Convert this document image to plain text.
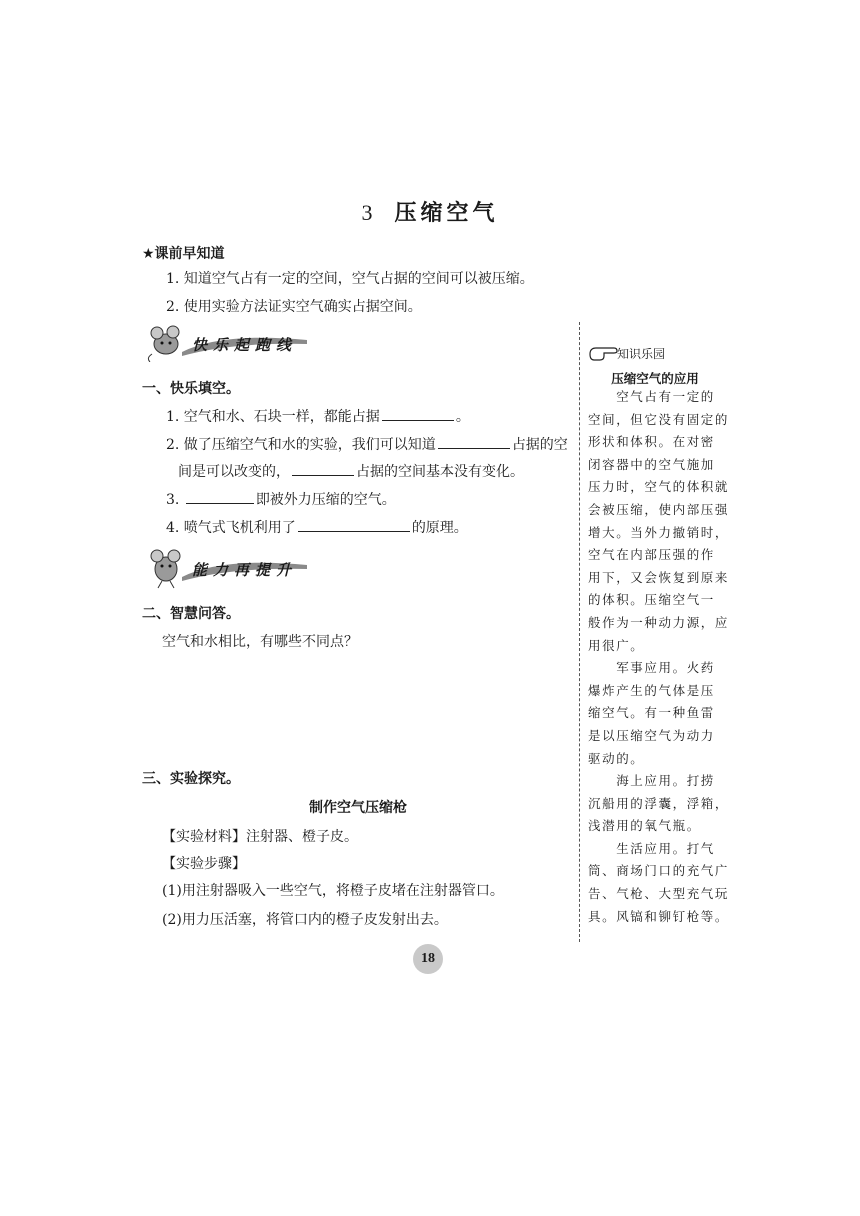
3 压缩空气
★课前早知道
1. 知道空气占有一定的空间，空气占据的空间可以被压缩。
2. 使用实验方法证实空气确实占据空间。
快乐起跑线
一、快乐填空。
1. 空气和水、石块一样，都能占据	。
2. 做了压缩空气和水的实验，我们可以知道	占据的空
间是可以改变的，	占据的空间基本没有变化。
3.	即被外力压缩的空气。
4. 喷气式飞机利用了	的原理。
能力再提升
二、智慧问答。
空气和水相比，有哪些不同点？
三、实验探究。
制作空气压缩枪
【实验材料】注射器、橙子皮。
【实验步骤】
(1)用注射器吸入一些空气，将橙子皮堵在注射器管口。
(2)用力压活塞，将管口内的橙子皮发射出去。
知识乐园
压缩空气的应用
　　空气占有一定的
空间，但它没有固定的
形状和体积。在对密
闭容器中的空气施加
压力时，空气的体积就
会被压缩，使内部压强
增大。当外力撤销时，
空气在内部压强的作
用下，又会恢复到原来
的体积。压缩空气一
般作为一种动力源，应
用很广。
　　军事应用。火药
爆炸产生的气体是压
缩空气。有一种鱼雷
是以压缩空气为动力
驱动的。
　　海上应用。打捞
沉船用的浮囊，浮箱，
浅潜用的氧气瓶。
　　生活应用。打气
筒、商场门口的充气广
告、气枪、大型充气玩
具。风镐和铆钉枪等。
18
